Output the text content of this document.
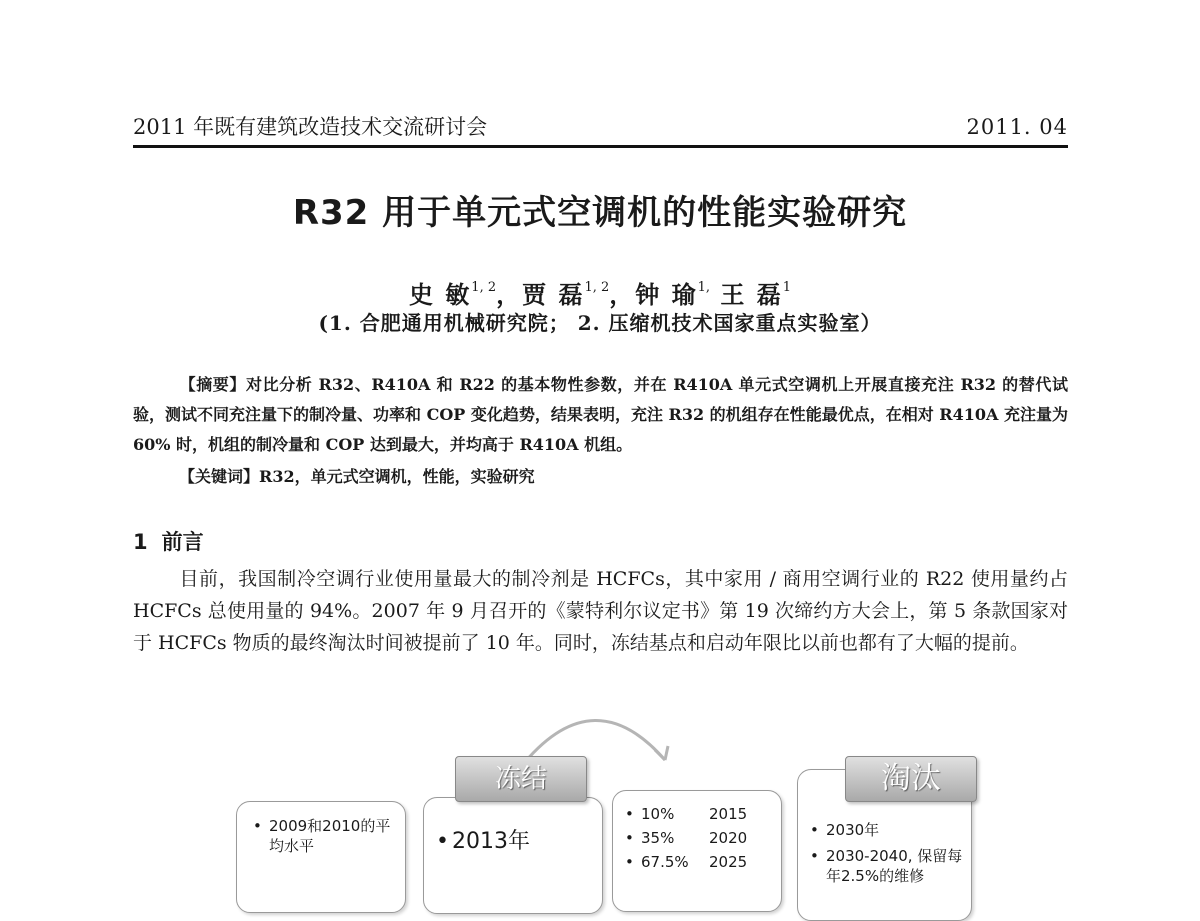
2011 年既有建筑改造技术交流研讨会	2011. 04
R32 用于单元式空调机的性能实验研究
史 敏$^{1, 2}$，贾 磊$^{1, 2}$，钟 瑜$^{1,}$ 王 磊$^1$
(1. 合肥通用机械研究院； 2. 压缩机技术国家重点实验室）
【摘要】对比分析 R32、R410A 和 R22 的基本物性参数，并在 R410A 单元式空调机上开展直接充注 R32 的替代试验，测试不同充注量下的制冷量、功率和 COP 变化趋势，结果表明，充注 R32 的机组存在性能最优点，在相对 R410A 充注量为 60% 时，机组的制冷量和 COP 达到最大，并均高于 R410A 机组。
【关键词】R32，单元式空调机，性能，实验研究
1 前言
目前，我国制冷空调行业使用量最大的制冷剂是 HCFCs，其中家用 / 商用空调行业的 R22 使用量约占 HCFCs 总使用量的 94%。2007 年 9 月召开的《蒙特利尔议定书》第 19 次缔约方大会上，第 5 条款国家对于 HCFCs 物质的最终淘汰时间被提前了 10 年。同时，冻结基点和启动年限比以前也都有了大幅的提前。
• 2009和2010的平均水平
•	2013年
• 10% 2015
• 35% 2020
• 67.5% 2025
• 2030年
• 2030-2040, 保留每年2.5%的维修
冻结	淘汰
